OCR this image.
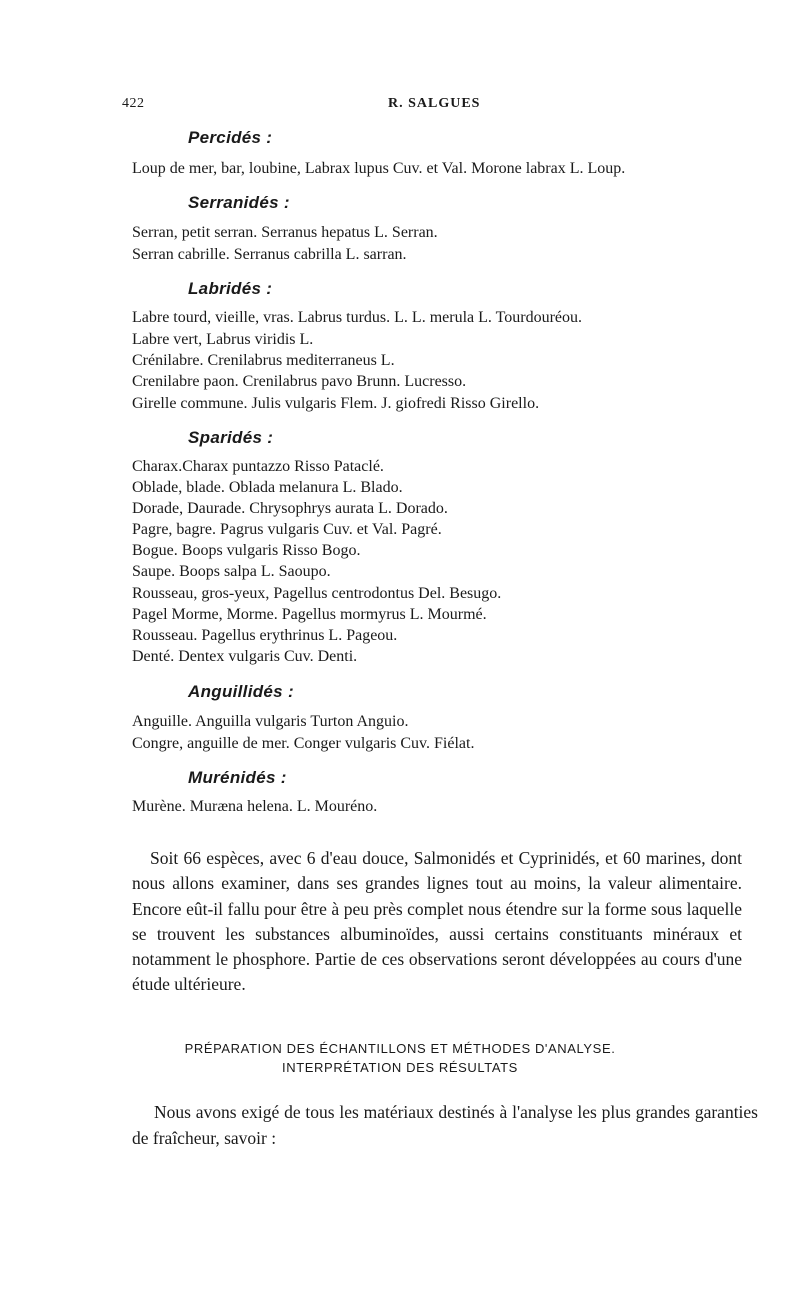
422	R. SALGUES
Percidés :
Loup de mer, bar, loubine, Labrax lupus Cuv. et Val. Morone labrax L. Loup.
Serranidés :
Serran, petit serran. Serranus hepatus L. Serran.
Serran cabrille. Serranus cabrilla L. sarran.
Labridés :
Labre tourd, vieille, vras. Labrus turdus. L. L. merula L. Tourdouréou.
Labre vert, Labrus viridis L.
Crénilabre. Crenilabrus mediterraneus L.
Crenilabre paon. Crenilabrus pavo Brunn. Lucresso.
Girelle commune. Julis vulgaris Flem. J. giofredi Risso Girello.
Sparidés :
Charax.Charax puntazzo Risso Pataclé.
Oblade, blade. Oblada melanura L. Blado.
Dorade, Daurade. Chrysophrys aurata L. Dorado.
Pagre, bagre. Pagrus vulgaris Cuv. et Val. Pagré.
Bogue. Boops vulgaris Risso Bogo.
Saupe. Boops salpa L. Saoupo.
Rousseau, gros-yeux, Pagellus centrodontus Del. Besugo.
Pagel Morme, Morme. Pagellus mormyrus L. Mourmé.
Rousseau. Pagellus erythrinus L. Pageou.
Denté. Dentex vulgaris Cuv. Denti.
Anguillidés :
Anguille. Anguilla vulgaris Turton Anguio.
Congre, anguille de mer. Conger vulgaris Cuv. Fiélat.
Murénidés :
Murène. Muræna helena. L. Mouréno.

Soit 66 espèces, avec 6 d'eau douce, Salmonidés et Cyprinidés, et 60 marines, dont nous allons examiner, dans ses grandes lignes tout au moins, la valeur alimentaire. Encore eût-il fallu pour être à peu près complet nous étendre sur la forme sous laquelle se trouvent les substances albuminoïdes, aussi certains constituants minéraux et notamment le phosphore. Partie de ces observations seront développées au cours d'une étude ultérieure.

PRÉPARATION DES ÉCHANTILLONS ET MÉTHODES D'ANALYSE.
INTERPRÉTATION DES RÉSULTATS

Nous avons exigé de tous les matériaux destinés à l'analyse les plus grandes garanties de fraîcheur, savoir :
